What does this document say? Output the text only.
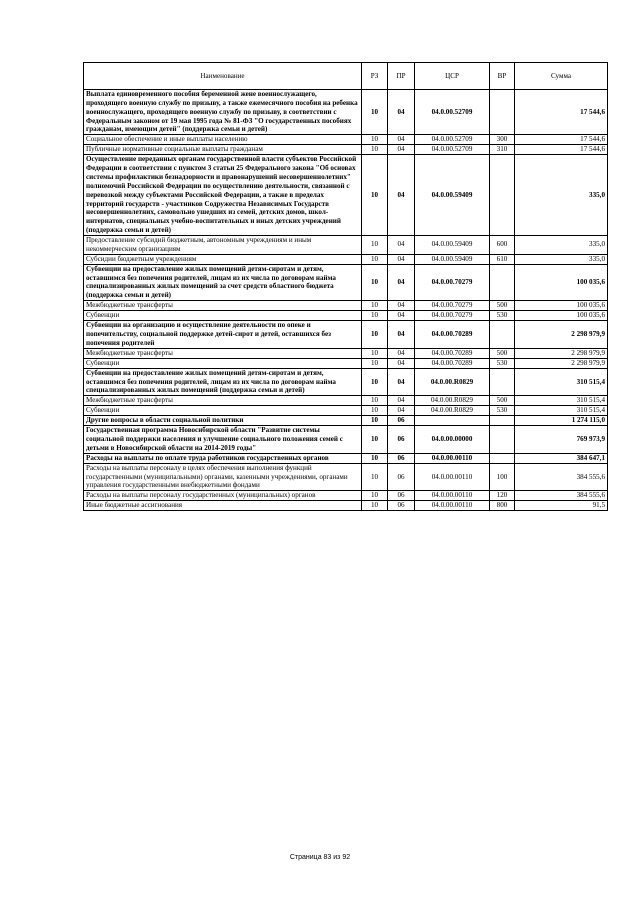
Наименование	РЗ	ПР	ЦСР	ВР	Сумма
Выплата единовременного пособия беременной жене военнослужащего, проходящего военную службу по призыву, а также ежемесячного пособия на ребенка военнослужащего, проходящего военную службу по призыву, в соответствии с Федеральным законом от 19 мая 1995 года № 81-ФЗ "О государственных пособиях гражданам, имеющим детей" (поддержка семьи и детей)	10	04	04.0.00.52709		17 544,6
Социальное обеспечение и иные выплаты населению	10	04	04.0.00.52709	300	17 544,6
Публичные нормативные социальные выплаты гражданам	10	04	04.0.00.52709	310	17 544,6
Осуществление переданных органам государственной власти субъектов Российской Федерации в соответствии с пунктом 3 статьи 25 Федерального закона "Об основах системы профилактики безнадзорности и правонарушений несовершеннолетних" полномочий Российской Федерации по осуществлению деятельности, связанной с перевозкой между субъектами Российской Федерации, а также в пределах территорий государств - участников Содружества Независимых Государств несовершеннолетних, самовольно ушедших из семей, детских домов, школ-интернатов, специальных учебно-воспитательных и иных детских учреждений (поддержка семьи и детей)	10	04	04.0.00.59409		335,0
Предоставление субсидий бюджетным, автономным учреждениям и иным некоммерческим организациям	10	04	04.0.00.59409	600	335,0
Субсидии бюджетным учреждениям	10	04	04.0.00.59409	610	335,0
Субвенции на предоставление жилых помещений детям-сиротам и детям, оставшимся без попечения родителей, лицам из их числа по договорам найма специализированных жилых помещений за счет средств областного бюджета (поддержка семьи и детей)	10	04	04.0.00.70279		100 035,6
Межбюджетные трансферты	10	04	04.0.00.70279	500	100 035,6
Субвенции	10	04	04.0.00.70279	530	100 035,6
Субвенции на организацию и осуществление деятельности по опеке и попечительству, социальной поддержке детей-сирот и детей, оставшихся без попечения родителей	10	04	04.0.00.70289		2 298 979,9
Межбюджетные трансферты	10	04	04.0.00.70289	500	2 298 979,9
Субвенции	10	04	04.0.00.70289	530	2 298 979,9
Субвенции на предоставление жилых помещений детям-сиротам и детям, оставшимся без попечения родителей, лицам из их числа по договорам найма специализированных жилых помещений (поддержка семьи и детей)	10	04	04.0.00.R0829		310 515,4
Межбюджетные трансферты	10	04	04.0.00.R0829	500	310 515,4
Субвенции	10	04	04.0.00.R0829	530	310 515,4
Другие вопросы в области социальной политики	10	06			1 274 115,0
Государственная программа Новосибирской области "Развитие системы социальной поддержки населения и улучшение социального положения семей с детьми в Новосибирской области на 2014-2019 годы"	10	06	04.0.00.00000		769 973,9
Расходы на выплаты по оплате труда работников государственных органов	10	06	04.0.00.00110		384 647,1
Расходы на выплаты персоналу в целях обеспечения выполнения функций государственными (муниципальными) органами, казенными учреждениями, органами управления государственными внебюджетными фондами	10	06	04.0.00.00110	100	384 555,6
Расходы на выплаты персоналу государственных (муниципальных) органов	10	06	04.0.00.00110	120	384 555,6
Иные бюджетные ассигнования	10	06	04.0.00.00110	800	91,5
Страница 83 из 92
